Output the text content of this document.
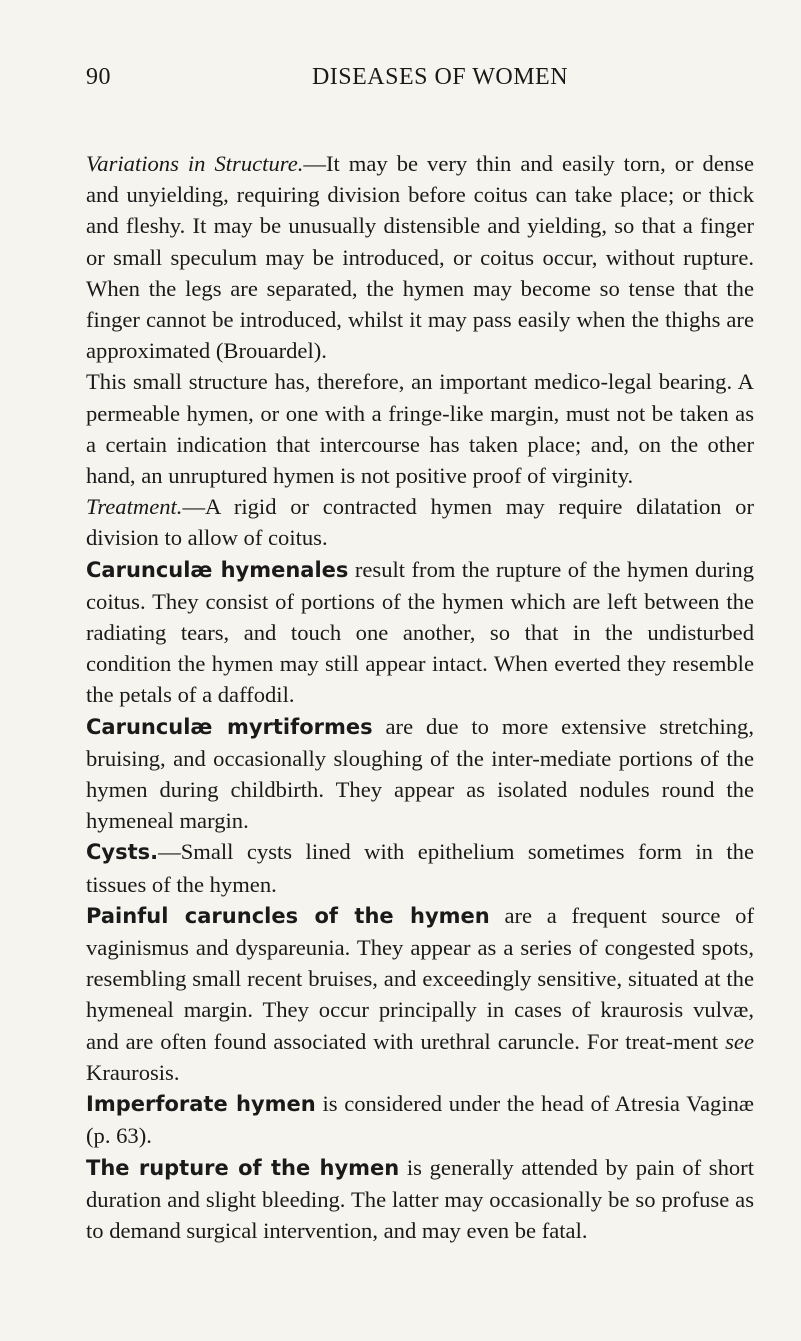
90	DISEASES OF WOMEN

Variations in Structure.—It may be very thin and easily torn, or dense and unyielding, requiring division before coitus can take place; or thick and fleshy. It may be unusually distensible and yielding, so that a finger or small speculum may be introduced, or coitus occur, without rupture. When the legs are separated, the hymen may become so tense that the finger cannot be introduced, whilst it may pass easily when the thighs are approximated (Brouardel).

This small structure has, therefore, an important medico-legal bearing. A permeable hymen, or one with a fringe-like margin, must not be taken as a certain indication that intercourse has taken place; and, on the other hand, an unruptured hymen is not positive proof of virginity.

Treatment.—A rigid or contracted hymen may require dilatation or division to allow of coitus.

Carunculæ hymenales result from the rupture of the hymen during coitus. They consist of portions of the hymen which are left between the radiating tears, and touch one another, so that in the undisturbed condition the hymen may still appear intact. When everted they resemble the petals of a daffodil.

Carunculæ myrtiformes are due to more extensive stretching, bruising, and occasionally sloughing of the inter-mediate portions of the hymen during childbirth. They appear as isolated nodules round the hymeneal margin.

Cysts.—Small cysts lined with epithelium sometimes form in the tissues of the hymen.

Painful caruncles of the hymen are a frequent source of vaginismus and dyspareunia. They appear as a series of congested spots, resembling small recent bruises, and exceedingly sensitive, situated at the hymeneal margin. They occur principally in cases of kraurosis vulvæ, and are often found associated with urethral caruncle. For treat-ment see Kraurosis.

Imperforate hymen is considered under the head of Atresia Vaginæ (p. 63).

The rupture of the hymen is generally attended by pain of short duration and slight bleeding. The latter may occasionally be so profuse as to demand surgical intervention, and may even be fatal.
